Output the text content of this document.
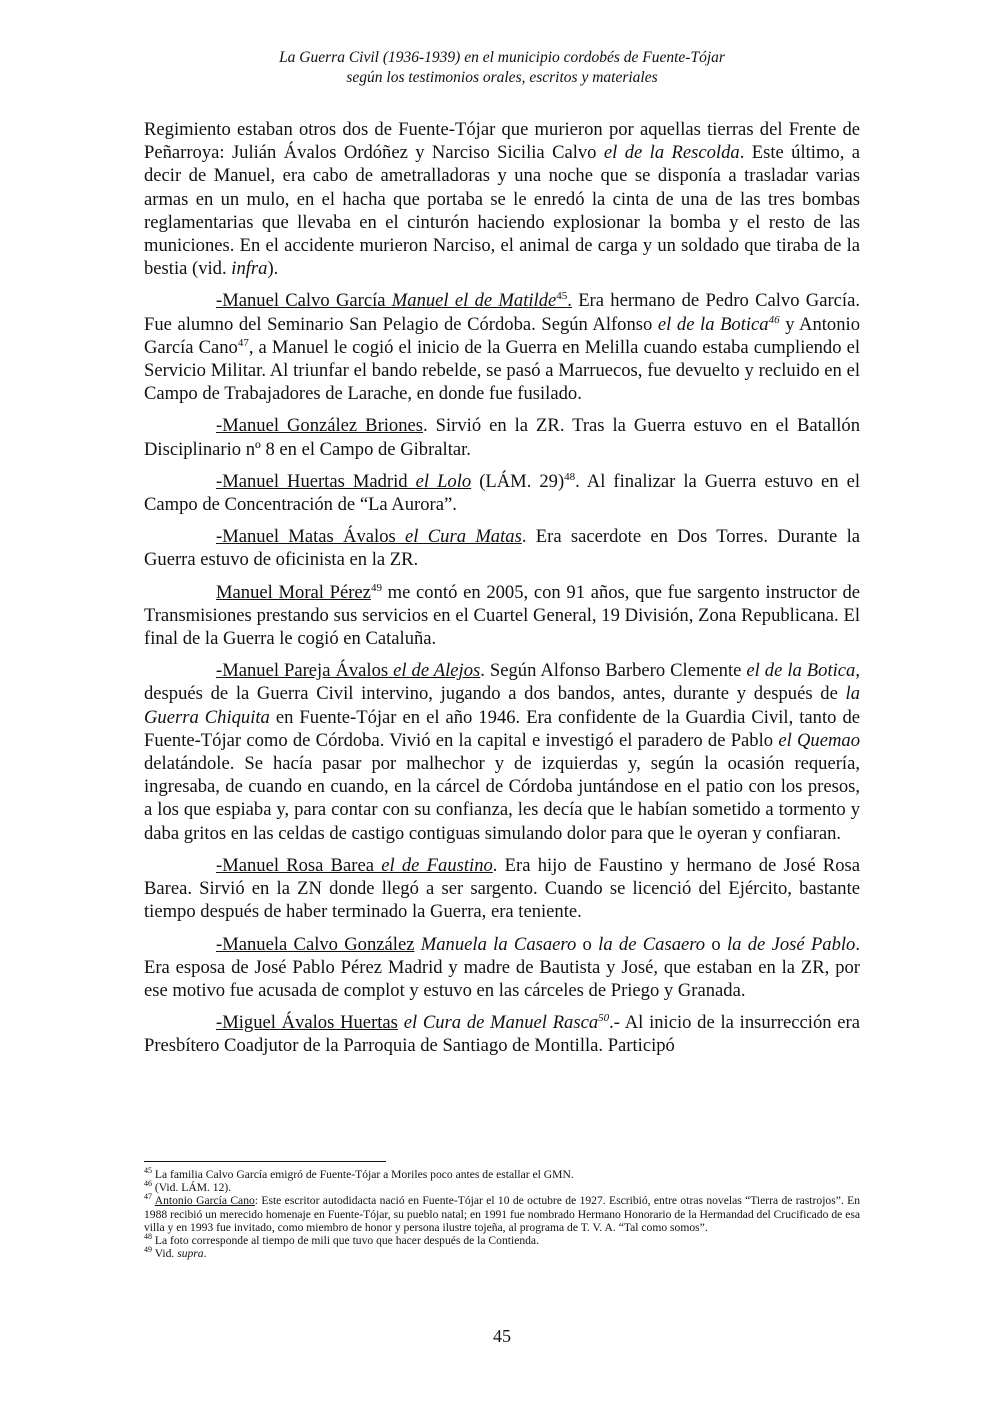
La Guerra Civil (1936-1939) en el municipio cordobés de Fuente-Tójar
según los testimonios orales, escritos y materiales

Regimiento estaban otros dos de Fuente-Tójar que murieron por aquellas tierras del Frente de Peñarroya: Julián Ávalos Ordóñez y Narciso Sicilia Calvo el de la Rescolda. Este último, a decir de Manuel, era cabo de ametralladoras y una noche que se disponía a trasladar varias armas en un mulo, en el hacha que portaba se le enredó la cinta de una de las tres bombas reglamentarias que llevaba en el cinturón haciendo explosionar la bomba y el resto de las municiones. En el accidente murieron Narciso, el animal de carga y un soldado que tiraba de la bestia (vid. infra).

-Manuel Calvo García Manuel el de Matilde$^{45}$. Era hermano de Pedro Calvo García. Fue alumno del Seminario San Pelagio de Córdoba. Según Alfonso el de la Botica$^{46}$ y Antonio García Cano$^{47}$, a Manuel le cogió el inicio de la Guerra en Melilla cuando estaba cumpliendo el Servicio Militar. Al triunfar el bando rebelde, se pasó a Marruecos, fue devuelto y recluido en el Campo de Trabajadores de Larache, en donde fue fusilado.

-Manuel González Briones. Sirvió en la ZR. Tras la Guerra estuvo en el Batallón Disciplinario nº 8 en el Campo de Gibraltar.

-Manuel Huertas Madrid el Lolo (LÁM. 29)$^{48}$. Al finalizar la Guerra estuvo en el Campo de Concentración de “La Aurora”.

-Manuel Matas Ávalos el Cura Matas. Era sacerdote en Dos Torres. Durante la Guerra estuvo de oficinista en la ZR.

Manuel Moral Pérez$^{49}$ me contó en 2005, con 91 años, que fue sargento instructor de Transmisiones prestando sus servicios en el Cuartel General, 19 División, Zona Republicana. El final de la Guerra le cogió en Cataluña.

-Manuel Pareja Ávalos el de Alejos. Según Alfonso Barbero Clemente el de la Botica, después de la Guerra Civil intervino, jugando a dos bandos, antes, durante y después de la Guerra Chiquita en Fuente-Tójar en el año 1946. Era confidente de la Guardia Civil, tanto de Fuente-Tójar como de Córdoba. Vivió en la capital e investigó el paradero de Pablo el Quemao delatándole. Se hacía pasar por malhechor y de izquierdas y, según la ocasión requería, ingresaba, de cuando en cuando, en la cárcel de Córdoba juntándose en el patio con los presos, a los que espiaba y, para contar con su confianza, les decía que le habían sometido a tormento y daba gritos en las celdas de castigo contiguas simulando dolor para que le oyeran y confiaran.

-Manuel Rosa Barea el de Faustino. Era hijo de Faustino y hermano de José Rosa Barea. Sirvió en la ZN donde llegó a ser sargento. Cuando se licenció del Ejército, bastante tiempo después de haber terminado la Guerra, era teniente.

-Manuela Calvo González Manuela la Casaero o la de Casaero o la de José Pablo. Era esposa de José Pablo Pérez Madrid y madre de Bautista y José, que estaban en la ZR, por ese motivo fue acusada de complot y estuvo en las cárceles de Priego y Granada.

-Miguel Ávalos Huertas el Cura de Manuel Rasca$^{50}$.- Al inicio de la insurrección era Presbítero Coadjutor de la Parroquia de Santiago de Montilla. Participó

$^{45}$ La familia Calvo García emigró de Fuente-Tójar a Moriles poco antes de estallar el GMN.

$^{46}$ (Vid. LÁM. 12).

$^{47}$ Antonio García Cano: Este escritor autodidacta nació en Fuente-Tójar el 10 de octubre de 1927. Escribió, entre otras novelas “Tierra de rastrojos”. En 1988 recibió un merecido homenaje en Fuente-Tójar, su pueblo natal; en 1991 fue nombrado Hermano Honorario de la Hermandad del Crucificado de esa villa y en 1993 fue invitado, como miembro de honor y persona ilustre tojeña, al programa de T. V. A. “Tal como somos”.

$^{48}$ La foto corresponde al tiempo de mili que tuvo que hacer después de la Contienda.

$^{49}$ Vid. supra.

45
